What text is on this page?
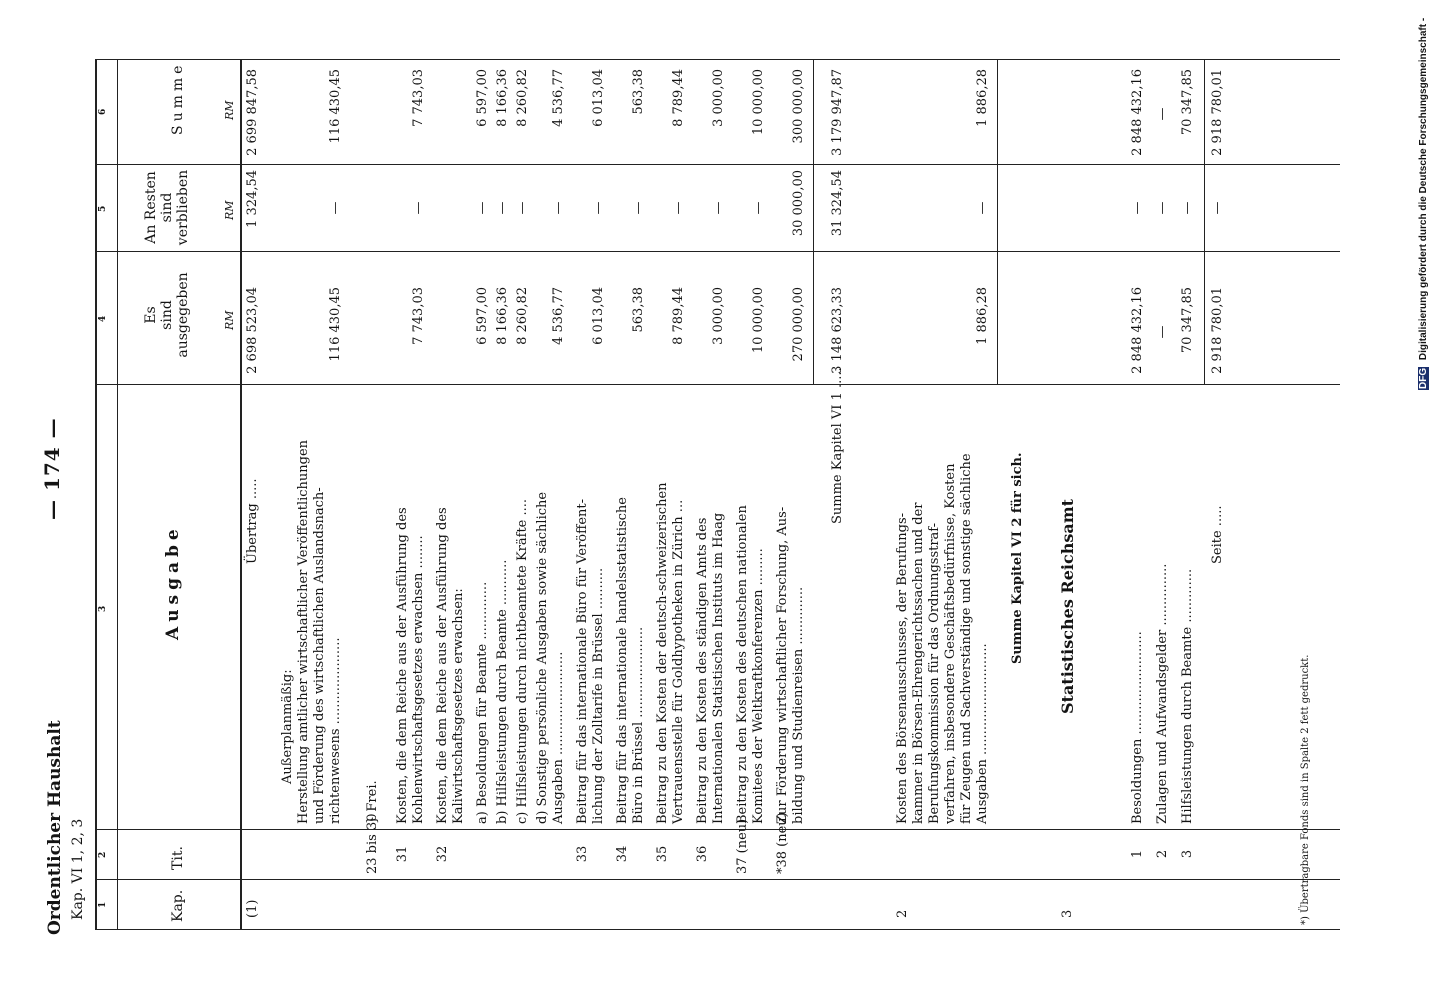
Ordentlicher Haushalt Kap. VI 1, 2, 3
— 174 —
1
2
3
4
5
6
Kap.
Tit.
Ausgabe
Es sind ausgegeben
An Resten sind verblieben
Summe
RM
RM
RM
(1)
Übertrag .....
2 698 523,04
1 324,54
2 699 847,58
Außerplanmäßig: Herstellung amtlicher wirtschaftlicher Veröffentlichungen und Förderung des wirtschaftlichen Auslandsnach- richtenwesens .....................
116 430,45
—
116 430,45
23 bis 30
} Frei.
31
Kosten, die dem Reiche aus der Ausführung des Kohlenwirtschaftsgesetzes erwachsen ........
7 743,03
—
7 743,03
32
Kosten, die dem Reiche aus der Ausführung des Kaliwirtschaftsgesetzes erwachsen: a) Besoldungen für Beamte ..............
6 597,00
—
6 597,00
b) Hilfsleistungen durch Beamte ...........
8 166,36
—
8 166,36
c) Hilfsleistungen durch nichtbeamtete Kräfte ....
8 260,82
—
8 260,82
d) Sonstige persönliche Ausgaben sowie sächliche Ausgaben .........................
4 536,77
—
4 536,77
33
Beitrag für das internationale Büro für Veröffent- lichung der Zolltarife in Brüssel ..........
6 013,04
—
6 013,04
34
Beitrag für das internationale handelsstatistische Büro in Brüssel ......................
563,38
—
563,38
35
Beitrag zu den Kosten der deutsch-schweizerischen Vertrauensstelle für Goldhypotheken in Zürich ...
8 789,44
—
8 789,44
36
Beitrag zu den Kosten des ständigen Amts des Internationalen Statistischen Instituts im Haag
3 000,00
—
3 000,00
37 (neu)
Beitrag zu den Kosten des deutschen nationalen Komitees der Weltkraftkonferenzen .........
10 000,00
—
10 000,00
*38 (neu)
Zur Förderung wirtschaftlicher Forschung, Aus- bildung und Studienreisen ..............
270 000,00
30 000,00
300 000,00
Summe Kapitel VI 1 .....
3 148 623,33
31 324,54
3 179 947,87
2
Kosten des Börsenausschusses, der Berufungs- kammer in Börsen-Ehrengerichtssachen und der Berufungskommission für das Ordnungsstraf- verfahren, insbesondere Geschäftsbedürfnisse, Kosten für Zeugen und Sachverständige und sonstige sächliche Ausgaben ...........................
1 886,28
—
1 886,28
Summe Kapitel VI 2 für sich.
3
Statistisches Reichsamt
1
Besoldungen .........................
2 848 432,16
—
2 848 432,16
2
Zulagen und Aufwandsgelder ...............
—
—
—
3
Hilfsleistungen durch Beamte .............
70 347,85
—
70 347,85
Seite .....
2 918 780,01
—
2 918 780,01
*) Übertragbare Fonds sind in Spalte 2 fett gedruckt.
DFG Digitalisierung gefördert durch die Deutsche Forschungsgemeinschaft -
